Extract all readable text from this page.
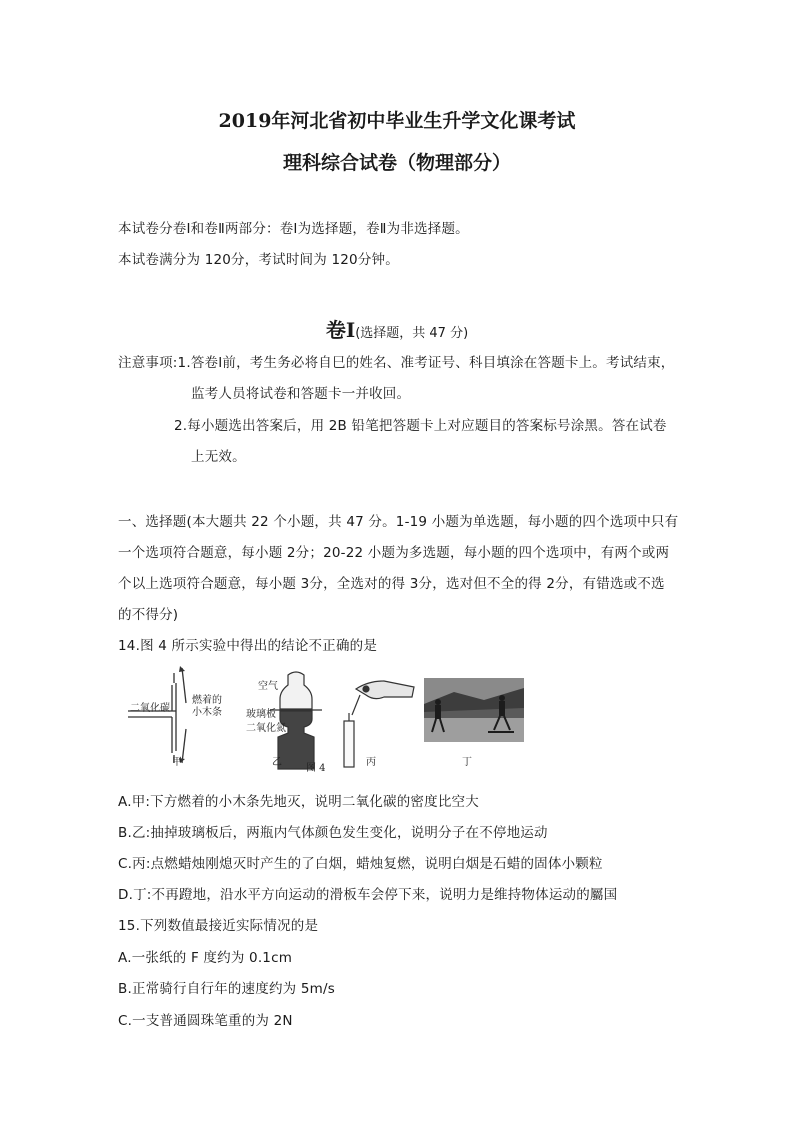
2019年河北省初中毕业生升学文化课考试
理科综合试卷（物理部分）
本试卷分卷Ⅰ和卷Ⅱ两部分：卷Ⅰ为选择题，卷Ⅱ为非选择题。
本试卷满分为 120分，考试时间为 120分钟。
卷Ⅰ(选择题，共 47 分)
注意事项:1.答卷Ⅰ前，考生务必将自巳的姓名、准考证号、科目填涂在答题卡上。考试结束，
监考人员将试卷和答题卡一并收回。
2.每小题选出答案后，用 2B 铅笔把答题卡上对应题目的答案标号涂黑。答在试卷
上无效。
一、选择题(本大题共 22 个小题，共 47 分。1-19 小题为单选题，每小题的四个选项中只有
一个选项符合题意，每小题 2分；20-22 小题为多选题，每小题的四个选项中，有两个或两
个以上选项符合题意，每小题 3分，全选对的得 3分，选对但不全的得 2分，有错选或不选
的不得分)
14.图 4 所示实验中得出的结论不正确的是
二氧化碳
燃着的
小木条
空气
玻璃板
二氧化氮
甲	乙
图 4
丙	丁
A.甲:下方燃着的小木条先地灭，说明二氧化碳的密度比空大
B.乙:抽掉玻璃板后，两瓶内气体颜色发生变化，说明分子在不停地运动
C.丙:点燃蜡烛刚熄灭时产生的了白烟，蜡烛复燃，说明白烟是石蜡的固体小颗粒
D.丁:不再蹬地，沿水平方向运动的滑板车会停下来，说明力是维持物体运动的屬国
15.下列数值最接近实际情况的是
A.一张纸的 F 度约为 0.1cm
B.正常骑行自行年的速度约为 5m/s
C.一支普通圆珠笔重的为 2N
